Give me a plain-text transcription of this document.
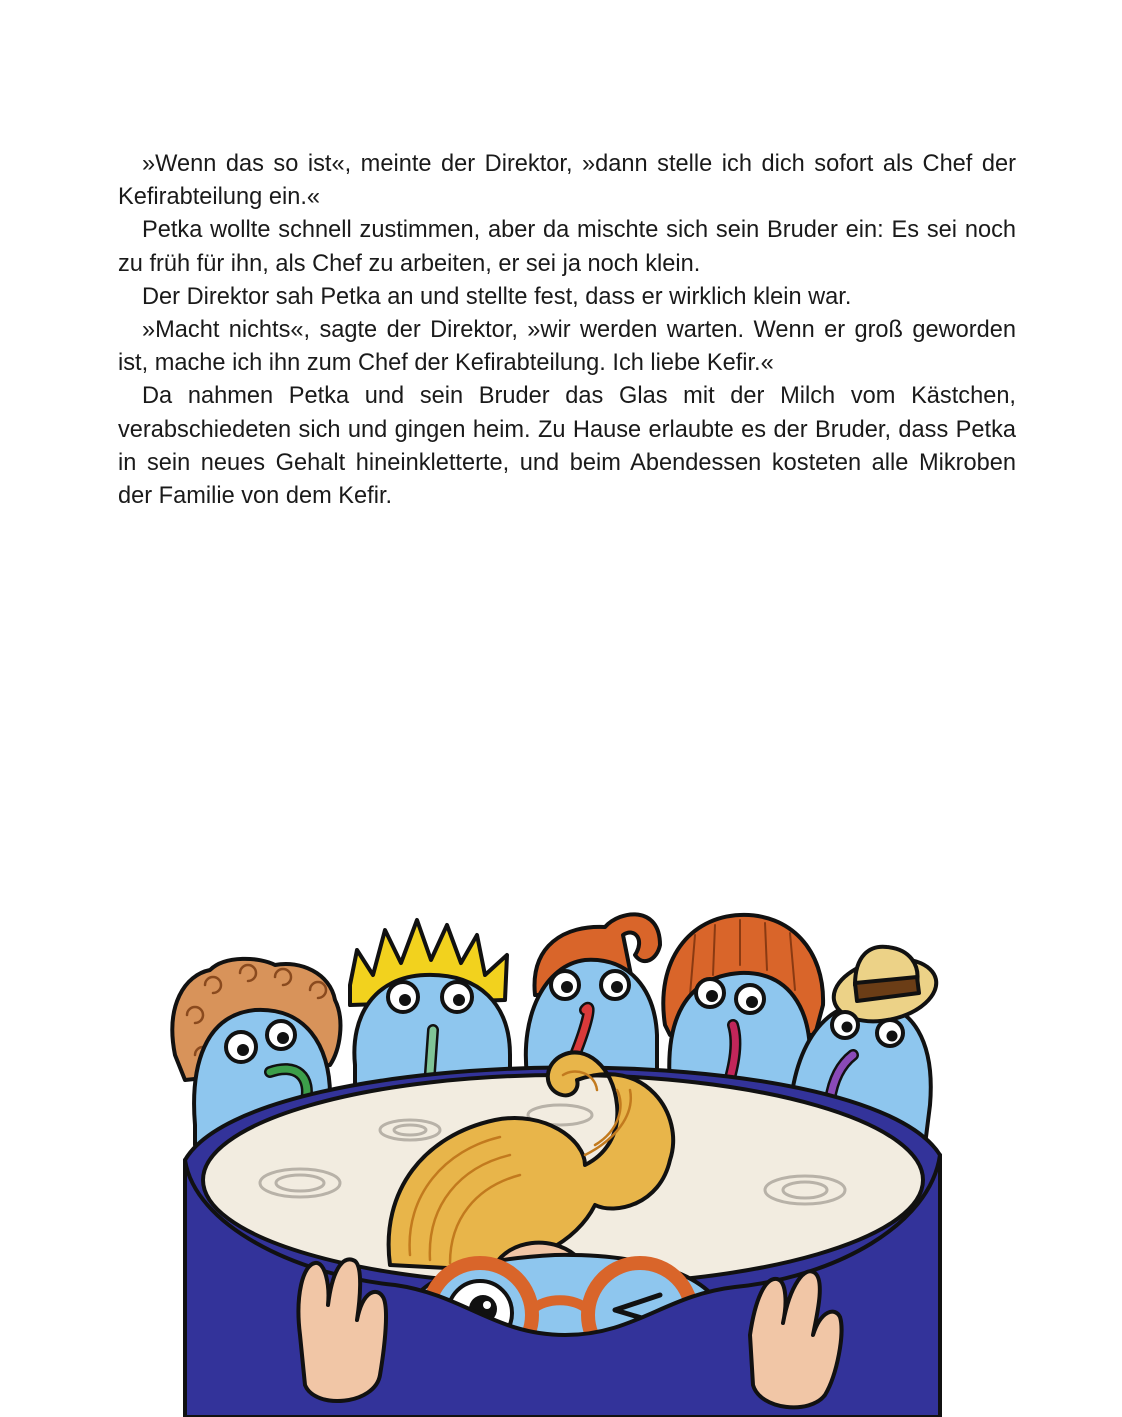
»Wenn das so ist«, meinte der Direktor, »dann stelle ich dich sofort als Chef der Kefirabteilung ein.«

Petka wollte schnell zustimmen, aber da mischte sich sein Bruder ein: Es sei noch zu früh für ihn, als Chef zu arbeiten, er sei ja noch klein.

Der Direktor sah Petka an und stellte fest, dass er wirklich klein war.

»Macht nichts«, sagte der Direktor, »wir werden warten. Wenn er groß geworden ist, mache ich ihn zum Chef der Kefirabteilung. Ich liebe Kefir.«

Da nahmen Petka und sein Bruder das Glas mit der Milch vom Kästchen, verabschiedeten sich und gingen heim. Zu Hause erlaubte es der Bruder, dass Petka in sein neues Gehalt hineinkletterte, und beim Abendessen kosteten alle Mikroben der Familie von dem Kefir.
